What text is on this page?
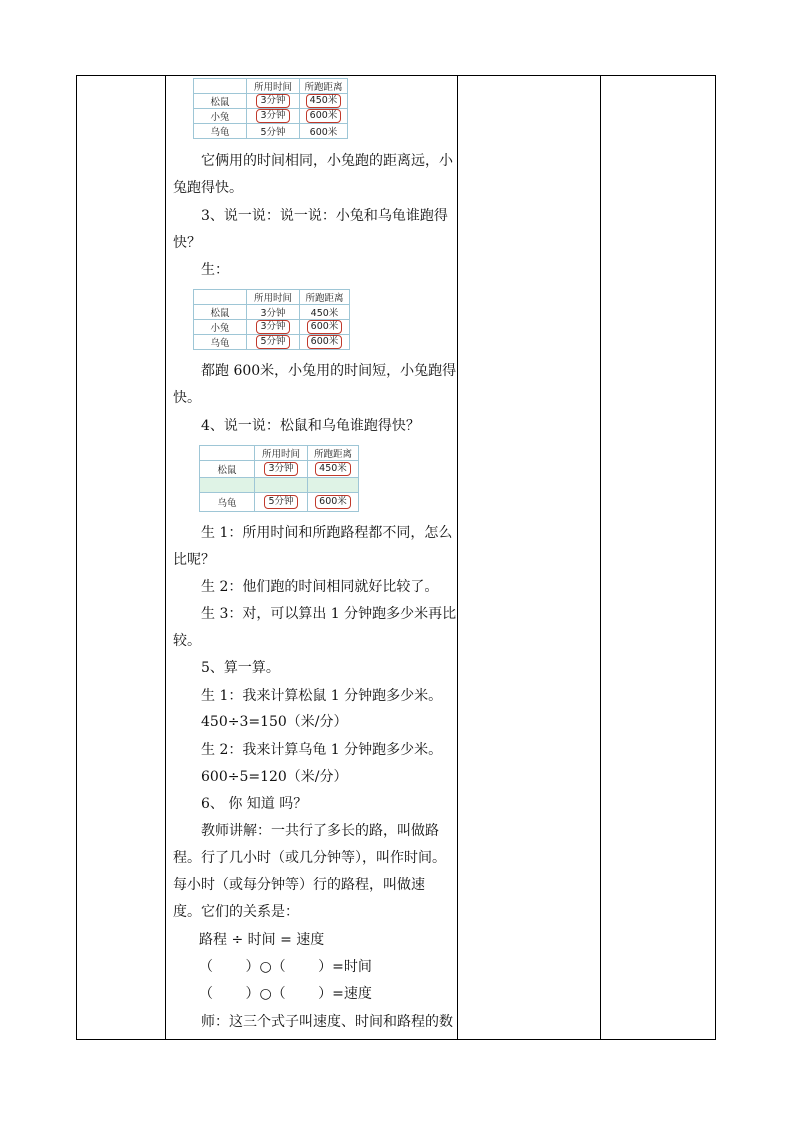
	所用时间	所跑距离
松鼠	3分钟	450米
小兔	3分钟	600米
乌龟	5分钟	600米

它俩用的时间相同，小兔跑的距离远，小

兔跑得快。

3、说一说：说一说：小兔和乌龟谁跑得

快？

生：

	所用时间	所跑距离
松鼠	3分钟	450米
小兔	3分钟	600米
乌龟	5分钟	600米

都跑 600米，小兔用的时间短，小兔跑得

快。

4、说一说：松鼠和乌龟谁跑得快？

	所用时间	所跑距离
松鼠	3分钟	450米

乌龟	5分钟	600米

生 1：所用时间和所跑路程都不同，怎么

比呢？

生 2：他们跑的时间相同就好比较了。

生 3：对，可以算出 1 分钟跑多少米再比

较。

5、算一算。

生 1：我来计算松鼠 1 分钟跑多少米。

450÷3=150（米/分）

生 2：我来计算乌龟 1 分钟跑多少米。

600÷5=120（米/分）

6、 你 知道 吗？

教师讲解：一共行了多长的路，叫做路

程。行了几小时（或几分钟等），叫作时间。

每小时（或每分钟等）行的路程，叫做速

度。它们的关系是：

路程 ÷ 时间 = 速度

（　　 ）○（　　 ）=时间

（　　 ）○（　　 ）=速度

师：这三个式子叫速度、时间和路程的数
